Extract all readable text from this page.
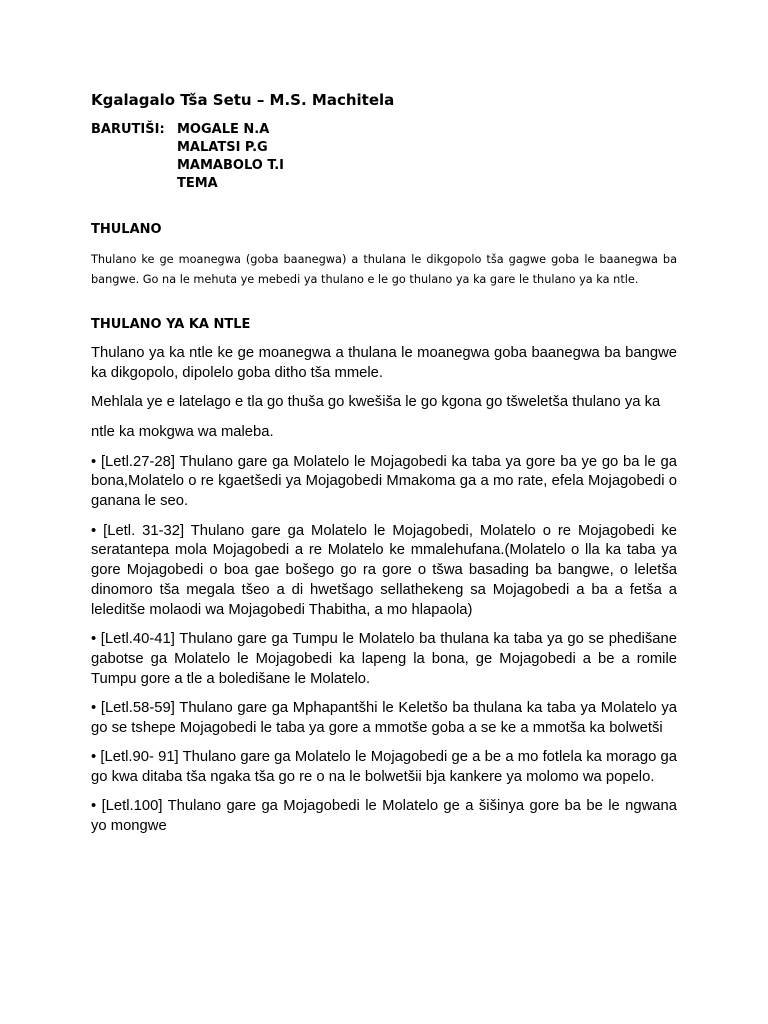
Kgalagalo Tša Setu – M.S. Machitela
BARUTIŠI: MOGALE N.A
MALATSI P.G
MAMABOLO T.I
TEMA
THULANO
Thulano ke ge moanegwa (goba baanegwa) a thulana le dikgopolo tša gagwe goba le baanegwa ba bangwe. Go na le mehuta ye mebedi ya thulano e le go thulano ya ka gare le thulano ya ka ntle.
THULANO YA KA NTLE

Thulano ya ka ntle ke ge moanegwa a thulana le moanegwa goba baanegwa ba bangwe ka dikgopolo, dipolelo goba ditho tša mmele.

Mehlala ye e latelago e tla go thuša go kwešiša le go kgona go tšweletša thulano ya ka

ntle ka mokgwa wa maleba.

• [Letl.27-28] Thulano gare ga Molatelo le Mojagobedi ka taba ya gore ba ye go ba le ga bona,Molatelo o re kgaetšedi ya Mojagobedi Mmakoma ga a mo rate, efela Mojagobedi o ganana le seo.

• [Letl. 31-32] Thulano gare ga Molatelo le Mojagobedi, Molatelo o re Mojagobedi ke seratantepa mola Mojagobedi a re Molatelo ke mmalehufana.(Molatelo o lla ka taba ya gore Mojagobedi o boa gae bošego go ra gore o tšwa basading ba bangwe, o leletša dinomoro tša megala tšeo a di hwetšago sellathekeng sa Mojagobedi a ba a fetša a leleditše molaodi wa Mojagobedi Thabitha, a mo hlapaola)

• [Letl.40-41] Thulano gare ga Tumpu le Molatelo ba thulana ka taba ya go se phedišane gabotse ga Molatelo le Mojagobedi ka lapeng la bona, ge Mojagobedi a be a romile Tumpu gore a tle a boledišane le Molatelo.

• [Letl.58-59] Thulano gare ga Mphapantšhi le Keletšo ba thulana ka taba ya Molatelo ya go se tshepe Mojagobedi le taba ya gore a mmotše goba a se ke a mmotša ka bolwetši

• [Letl.90- 91] Thulano gare ga Molatelo le Mojagobedi ge a be a mo fotlela ka morago ga go kwa ditaba tša ngaka tša go re o na le bolwetšii bja kankere ya molomo wa popelo.

• [Letl.100] Thulano gare ga Mojagobedi le Molatelo ge a šišinya gore ba be le ngwana yo mongwe
